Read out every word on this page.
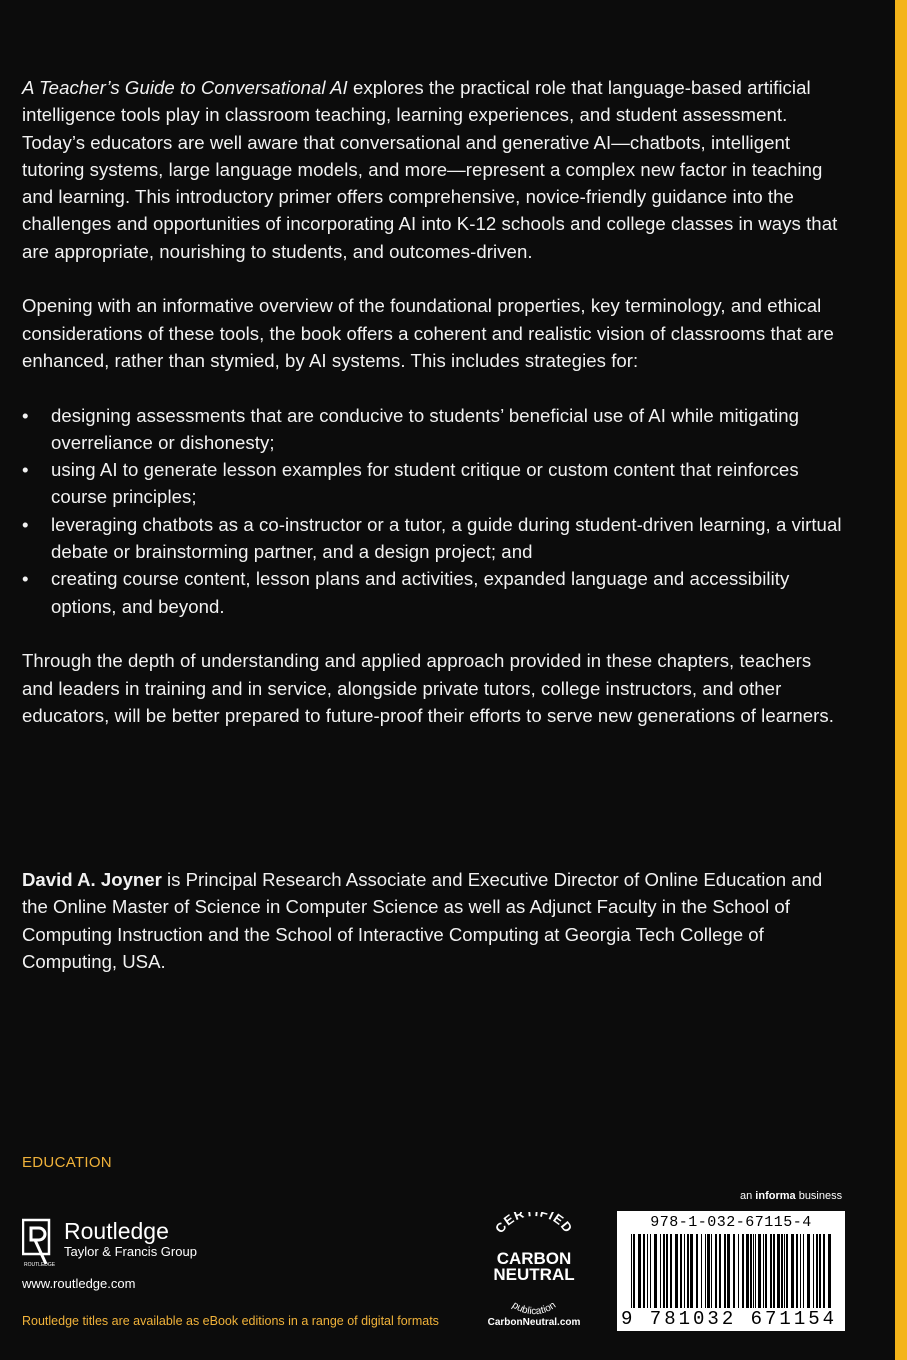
A Teacher’s Guide to Conversational AI explores the practical role that language-based artificial intelligence tools play in classroom teaching, learning experiences, and student assessment. Today’s educators are well aware that conversational and generative AI—chatbots, intelligent tutoring systems, large language models, and more—represent a complex new factor in teaching and learning. This introductory primer offers comprehensive, novice-friendly guidance into the challenges and opportunities of incorporating AI into K-12 schools and college classes in ways that are appropriate, nourishing to students, and outcomes-driven.

Opening with an informative overview of the foundational properties, key terminology, and ethical considerations of these tools, the book offers a coherent and realistic vision of classrooms that are enhanced, rather than stymied, by AI systems. This includes strategies for:

• designing assessments that are conducive to students’ beneficial use of AI while mitigating overreliance or dishonesty;
• using AI to generate lesson examples for student critique or custom content that reinforces course principles;
• leveraging chatbots as a co-instructor or a tutor, a guide during student-driven learning, a virtual debate or brainstorming partner, and a design project; and
• creating course content, lesson plans and activities, expanded language and accessibility options, and beyond.

Through the depth of understanding and applied approach provided in these chapters, teachers and leaders in training and in service, alongside private tutors, college instructors, and other educators, will be better prepared to future-proof their efforts to serve new generations of learners.

David A. Joyner is Principal Research Associate and Executive Director of Online Education and the Online Master of Science in Computer Science as well as Adjunct Faculty in the School of Computing Instruction and the School of Interactive Computing at Georgia Tech College of Computing, USA.
EDUCATION
ROUTLEDGE
Routledge
Taylor & Francis Group
www.routledge.com
Routledge titles are available as eBook editions in a range of digital formats
an informa business
CER FIED
CARBON
NEUTRAL
publication
CarbonNeutral.com
978-1-032-67115-4
9 781032 671154
